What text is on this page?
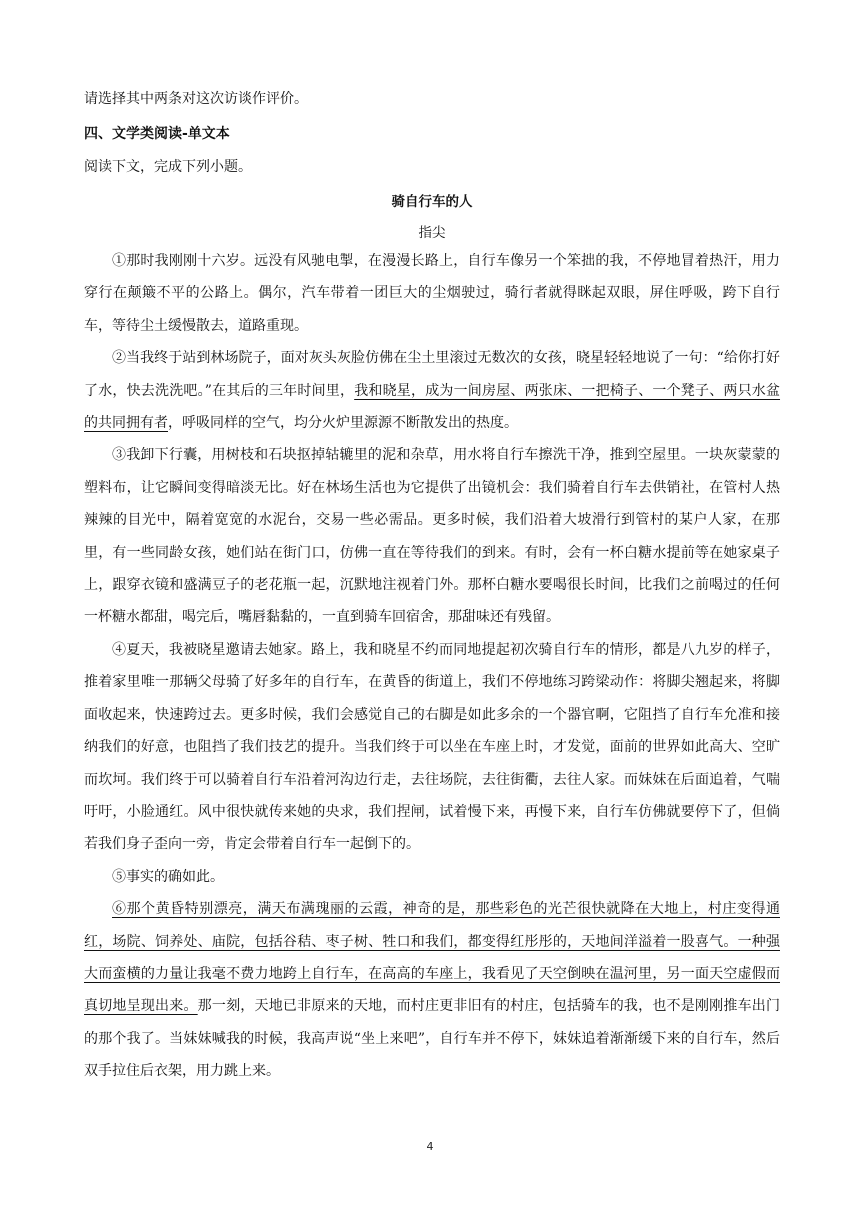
请选择其中两条对这次访谈作评价。

四、文学类阅读-单文本

阅读下文，完成下列小题。

骑自行车的人

指尖

①那时我刚刚十六岁。远没有风驰电掣，在漫漫长路上，自行车像另一个笨拙的我，不停地冒着热汗，用力穿行在颠簸不平的公路上。偶尔，汽车带着一团巨大的尘烟驶过，骑行者就得眯起双眼，屏住呼吸，跨下自行车，等待尘土缓慢散去，道路重现。

②当我终于站到林场院子，面对灰头灰脸仿佛在尘土里滚过无数次的女孩，晓星轻轻地说了一句：“给你打好了水，快去洗洗吧。”在其后的三年时间里，我和晓星，成为一间房屋、两张床、一把椅子、一个凳子、两只水盆的共同拥有者，呼吸同样的空气，均分火炉里源源不断散发出的热度。

③我卸下行囊，用树枝和石块抠掉轱辘里的泥和杂草，用水将自行车擦洗干净，推到空屋里。一块灰蒙蒙的塑料布，让它瞬间变得暗淡无比。好在林场生活也为它提供了出镜机会：我们骑着自行车去供销社，在管村人热辣辣的目光中，隔着宽宽的水泥台，交易一些必需品。更多时候，我们沿着大坡滑行到管村的某户人家，在那里，有一些同龄女孩，她们站在街门口，仿佛一直在等待我们的到来。有时，会有一杯白糖水提前等在她家桌子上，跟穿衣镜和盛满豆子的老花瓶一起，沉默地注视着门外。那杯白糖水要喝很长时间，比我们之前喝过的任何一杯糖水都甜，喝完后，嘴唇黏黏的，一直到骑车回宿舍，那甜味还有残留。

④夏天，我被晓星邀请去她家。路上，我和晓星不约而同地提起初次骑自行车的情形，都是八九岁的样子，推着家里唯一那辆父母骑了好多年的自行车，在黄昏的街道上，我们不停地练习跨梁动作：将脚尖翘起来，将脚面收起来，快速跨过去。更多时候，我们会感觉自己的右脚是如此多余的一个器官啊，它阻挡了自行车允准和接纳我们的好意，也阻挡了我们技艺的提升。当我们终于可以坐在车座上时，才发觉，面前的世界如此高大、空旷而坎坷。我们终于可以骑着自行车沿着河沟边行走，去往场院，去往街衢，去往人家。而妹妹在后面追着，气喘吁吁，小脸通红。风中很快就传来她的央求，我们捏闸，试着慢下来，再慢下来，自行车仿佛就要停下了，但倘若我们身子歪向一旁，肯定会带着自行车一起倒下的。

⑤事实的确如此。

⑥那个黄昏特别漂亮，满天布满瑰丽的云霞，神奇的是，那些彩色的光芒很快就降在大地上，村庄变得通红，场院、饲养处、庙院，包括谷秸、枣子树、牲口和我们，都变得红彤彤的，天地间洋溢着一股喜气。一种强大而蛮横的力量让我毫不费力地跨上自行车，在高高的车座上，我看见了天空倒映在温河里，另一面天空虚假而真切地呈现出来。那一刻，天地已非原来的天地，而村庄更非旧有的村庄，包括骑车的我，也不是刚刚推车出门的那个我了。当妹妹喊我的时候，我高声说“坐上来吧”，自行车并不停下，妹妹追着渐渐缓下来的自行车，然后双手拉住后衣架，用力跳上来。

4
